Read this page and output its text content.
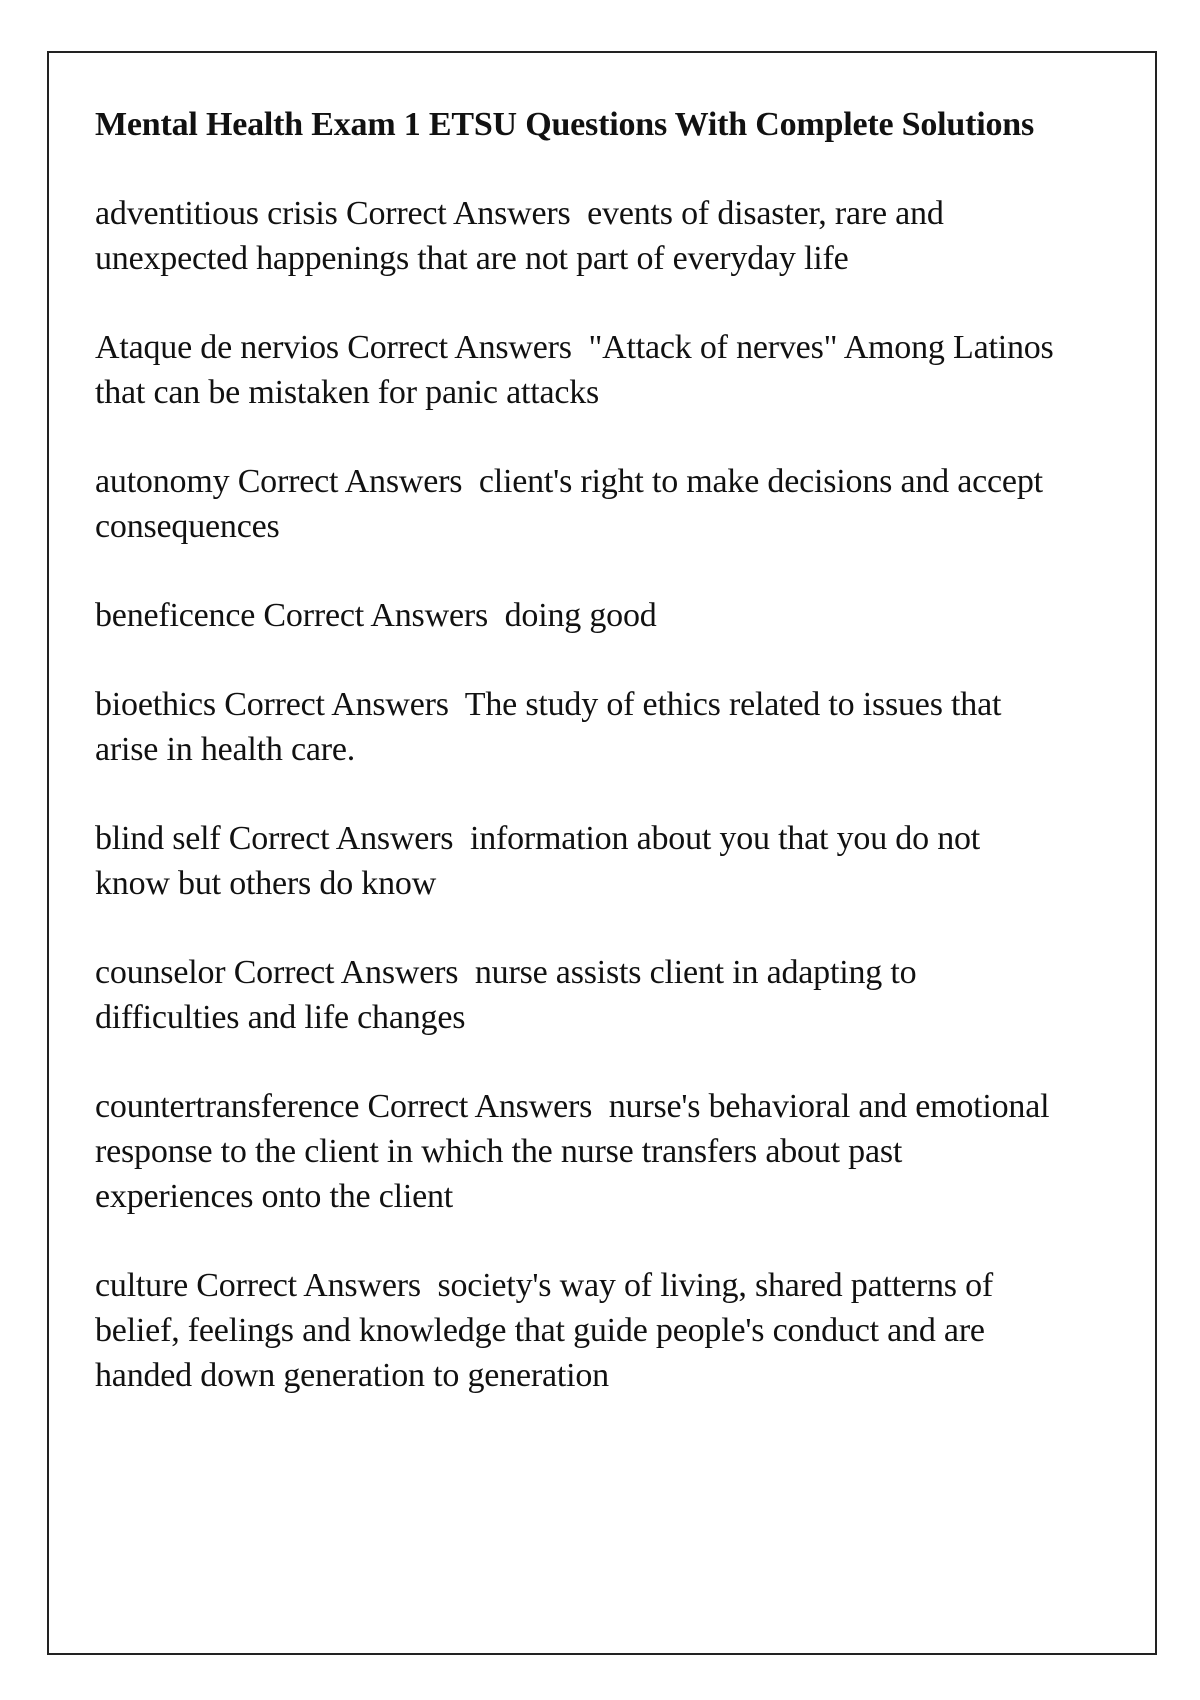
Mental Health Exam 1 ETSU Questions With Complete Solutions
adventitious crisis Correct Answers  events of disaster, rare and unexpected happenings that are not part of everyday life
Ataque de nervios Correct Answers  "Attack of nerves" Among Latinos that can be mistaken for panic attacks
autonomy Correct Answers  client's right to make decisions and accept consequences
beneficence Correct Answers  doing good
bioethics Correct Answers  The study of ethics related to issues that arise in health care.
blind self Correct Answers  information about you that you do not know but others do know
counselor Correct Answers  nurse assists client in adapting to difficulties and life changes
countertransference Correct Answers  nurse's behavioral and emotional response to the client in which the nurse transfers about past experiences onto the client
culture Correct Answers  society's way of living, shared patterns of belief, feelings and knowledge that guide people's conduct and are handed down generation to generation
